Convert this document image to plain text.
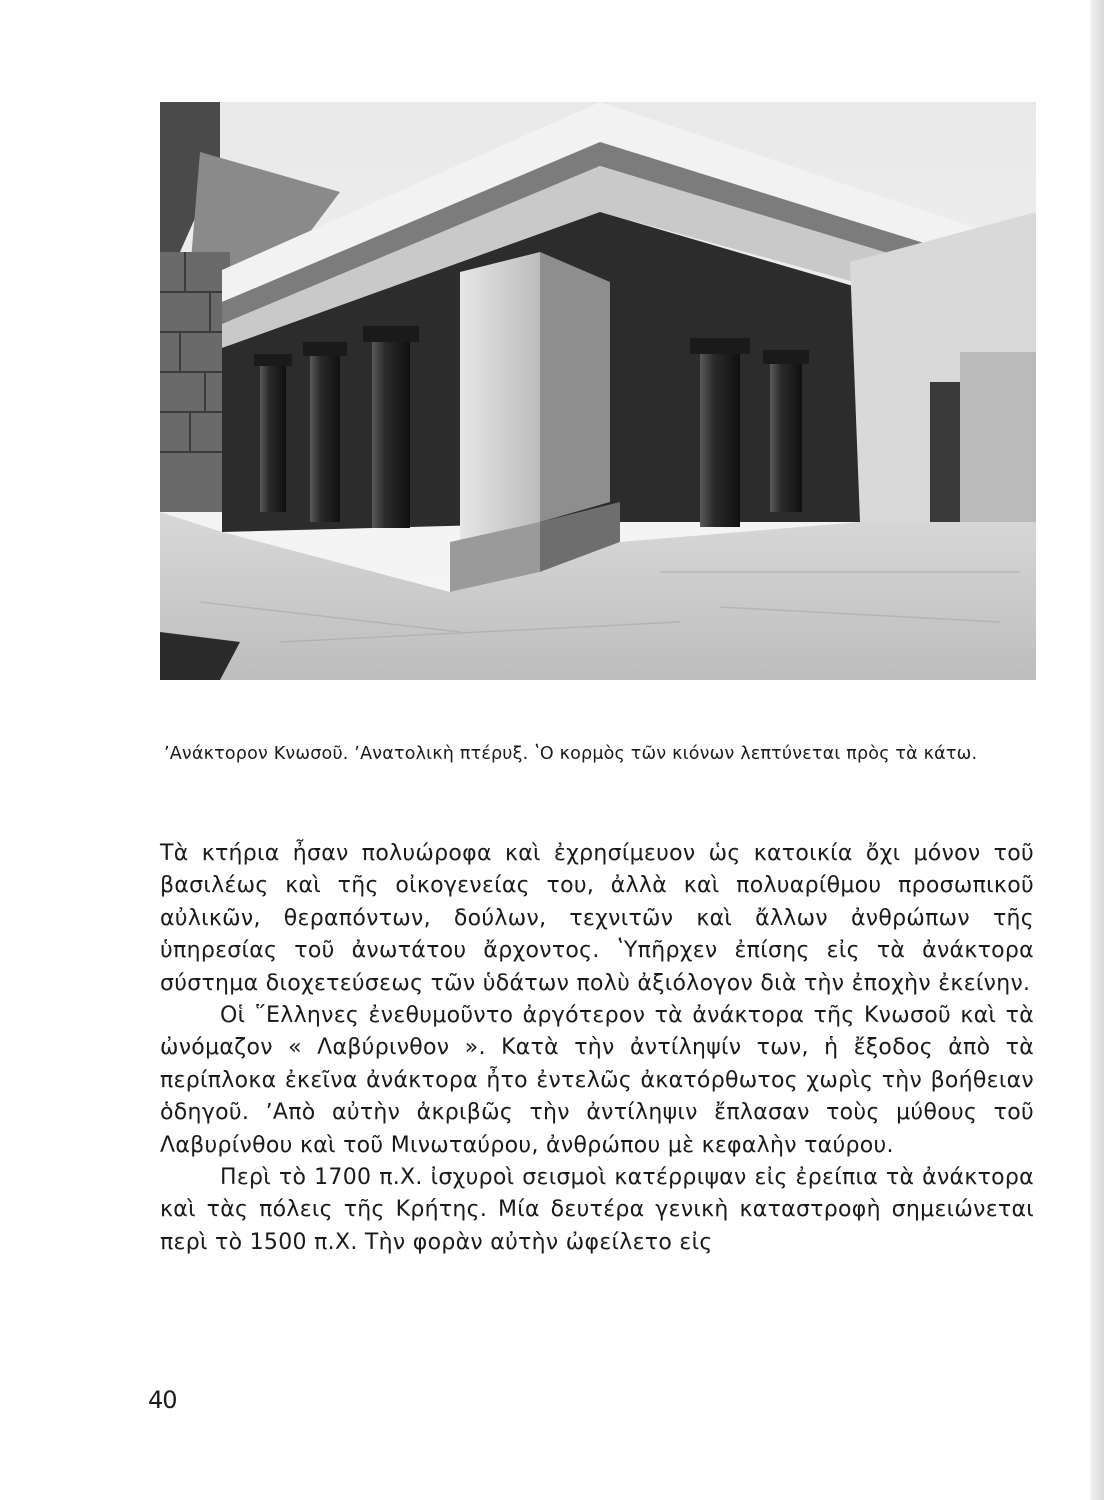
ʼΑνάκτορον Κνωσοῦ. ʼΑνατολικὴ πτέρυξ. ʽΟ κορμὸς τῶν κιόνων λεπτύνεται πρὸς τὰ κάτω.

Τὰ κτήρια ἦσαν πολυώροφα καὶ ἐχρησίμευον ὡς κατοικία ὄχι μόνον τοῦ βασιλέως καὶ τῆς οἰκογενείας του, ἀλλὰ καὶ πολυαρίθμου προσωπικοῦ αὐλικῶν, θεραπόντων, δούλων, τεχνιτῶν καὶ ἄλλων ἀνθρώπων τῆς ὑπηρεσίας τοῦ ἀνωτάτου ἄρχοντος. ʽΥπῆρχεν ἐπίσης εἰς τὰ ἀνάκτορα σύστημα διοχετεύσεως τῶν ὑδάτων πολὺ ἀξιόλογον διὰ τὴν ἐποχὴν ἐκείνην.

Οἱ ῞Ελληνες ἐνεθυμοῦντο ἀργότερον τὰ ἀνάκτορα τῆς Κνωσοῦ καὶ τὰ ὠνόμαζον « Λαβύρινθον ». Κατὰ τὴν ἀντίληψίν των, ἡ ἔξοδος ἀπὸ τὰ περίπλοκα ἐκεῖνα ἀνάκτορα ἦτο ἐντελῶς ἀκατόρθωτος χωρὶς τὴν βοήθειαν ὁδηγοῦ. ʼΑπὸ αὐτὴν ἀκριβῶς τὴν ἀντίληψιν ἔπλασαν τοὺς μύθους τοῦ Λαβυρίνθου καὶ τοῦ Μινωταύρου, ἀνθρώπου μὲ κεφαλὴν ταύρου.

Περὶ τὸ 1700 π.Χ. ἰσχυροὶ σεισμοὶ κατέρριψαν εἰς ἐρείπια τὰ ἀνάκτορα καὶ τὰς πόλεις τῆς Κρήτης. Μία δευτέρα γενικὴ καταστροφὴ σημειώνεται περὶ τὸ 1500 π.Χ. Τὴν φορὰν αὐτὴν ὠφείλετο εἰς

40
